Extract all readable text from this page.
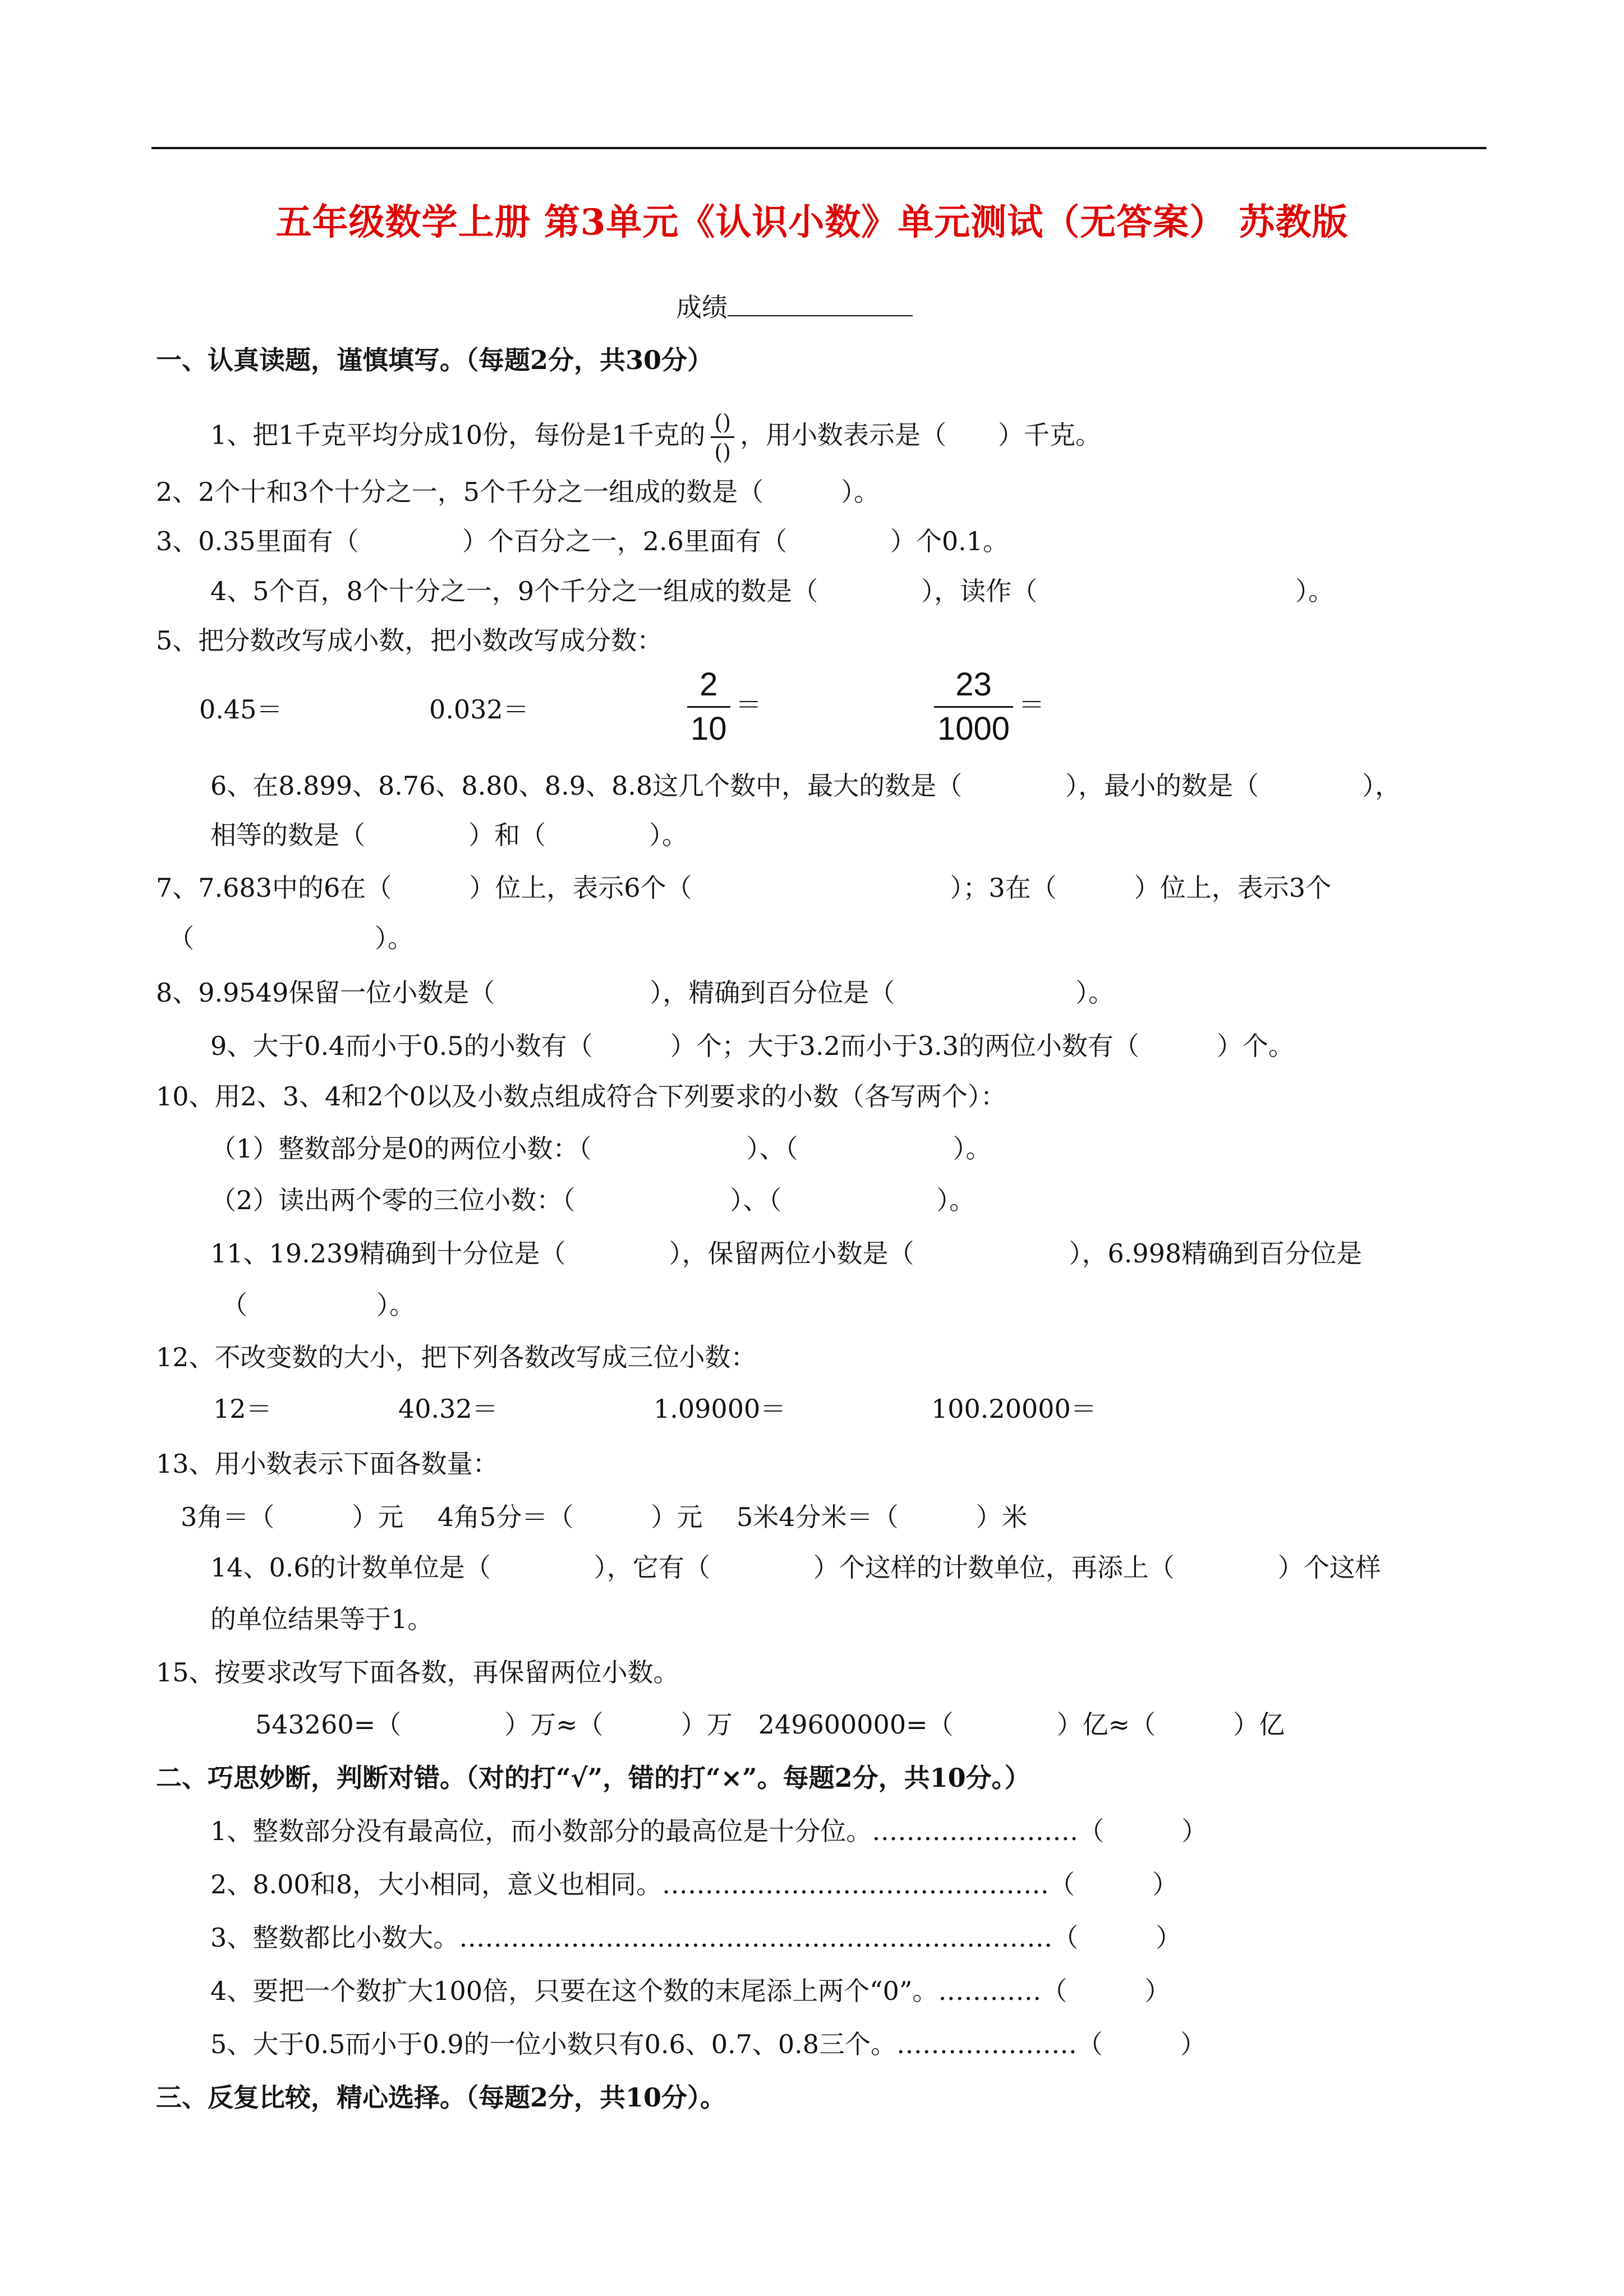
五年级数学上册 第3单元《认识小数》单元测试（无答案） 苏教版
成绩
一、认真读题，谨慎填写。（每题2分，共30分）
1、把1千克平均分成10份，每份是1千克的 $\frac{()}{()}$ ，用小数表示是（　　）千克。
2、2个十和3个十分之一，5个千分之一组成的数是（　　　）。
3、0.35里面有（　　　　）个百分之一，2.6里面有（　　　　）个0.1。
4、5个百，8个十分之一，9个千分之一组成的数是（　　　　），读作（　　　　　　　　　　）。
5、把分数改写成小数，把小数改写成分数：
0.45＝	0.032＝	$\frac{2}{10}$ ＝	$\frac{23}{1000}$ ＝
6、在8.899、8.76、8.80、8.9、8.8这几个数中，最大的数是（　　　　），最小的数是（　　　　），
相等的数是（　　　　）和（　　　　）。
7、7.683中的6在（　　　）位上，表示6个（　　　　　　　　　　）；3在（　　　）位上，表示3个
（　　　　　　　）。
8、9.9549保留一位小数是（　　　　　　），精确到百分位是（　　　　　　　）。
9、大于0.4而小于0.5的小数有（　　　）个；大于3.2而小于3.3的两位小数有（　　　）个。
10、用2、3、4和2个0以及小数点组成符合下列要求的小数（各写两个）：
（1）整数部分是0的两位小数：（　　　　　　）、（　　　　　　）。
（2）读出两个零的三位小数：（　　　　　　）、（　　　　　　）。
11、19.239精确到十分位是（　　　　），保留两位小数是（　　　　　　），6.998精确到百分位是
（　　　　　）。
12、不改变数的大小，把下列各数改写成三位小数：
12＝	40.32＝	1.09000＝	100.20000＝
13、用小数表示下面各数量：
3角＝（　　　）元　 4角5分＝（　　　）元　 5米4分米＝（　　　）米
14、0.6的计数单位是（　　　　），它有（　　　　）个这样的计数单位，再添上（　　　　）个这样
的单位结果等于1。
15、按要求改写下面各数，再保留两位小数。
543260=（　　　　）万≈（　　　）万　249600000=（　　　　）亿≈（　　　）亿
二、巧思妙断，判断对错。（对的打“√”，错的打“×”。每题2分，共10分。）
1、整数部分没有最高位，而小数部分的最高位是十分位。……………………（　　　）
2、8.00和8，大小相同，意义也相同。………………………………………（　　　）
3、整数都比小数大。……………………………………………………………（　　　）
4、要把一个数扩大100倍，只要在这个数的末尾添上两个“0”。…………（　　　）
5、大于0.5而小于0.9的一位小数只有0.6、0.7、0.8三个。…………………（　　　）
三、反复比较，精心选择。（每题2分，共10分）。
